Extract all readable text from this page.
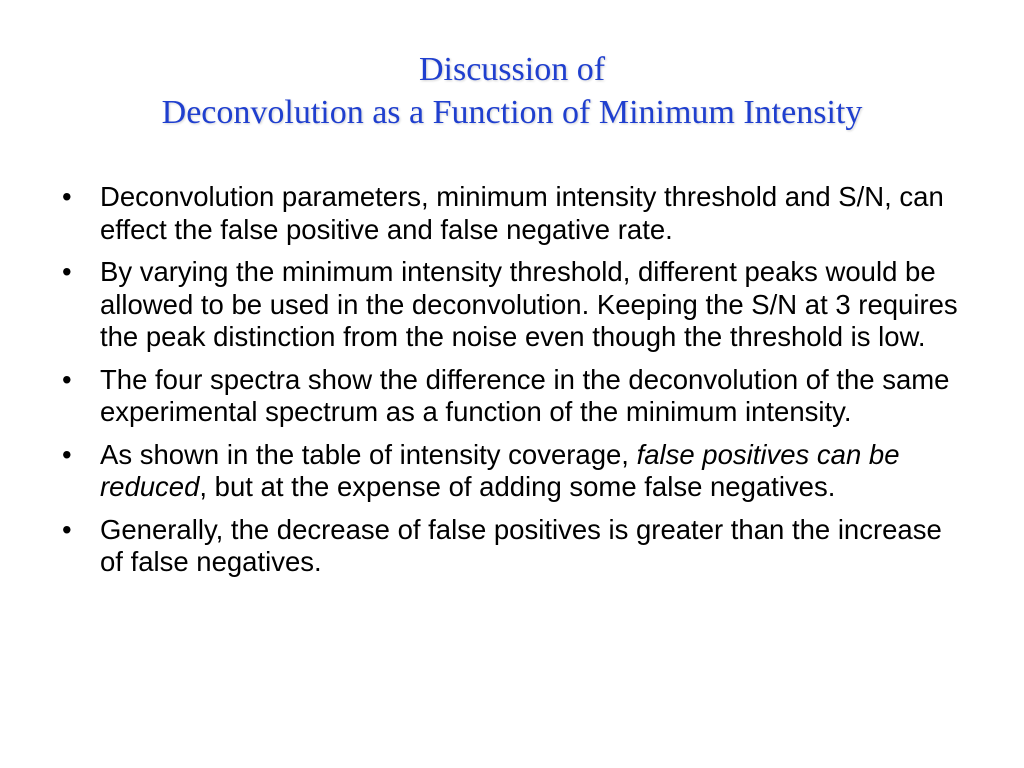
Discussion of
Deconvolution as a Function of Minimum Intensity
• Deconvolution parameters, minimum intensity threshold and S/N, can effect the false positive and false negative rate.
• By varying the minimum intensity threshold, different peaks would be allowed to be used in the deconvolution. Keeping the S/N at 3 requires the peak distinction from the noise even though the threshold is low.
• The four spectra show the difference in the deconvolution of the same experimental spectrum as a function of the minimum intensity.
• As shown in the table of intensity coverage, false positives can be reduced, but at the expense of adding some false negatives.
• Generally, the decrease of false positives is greater than the increase of false negatives.
